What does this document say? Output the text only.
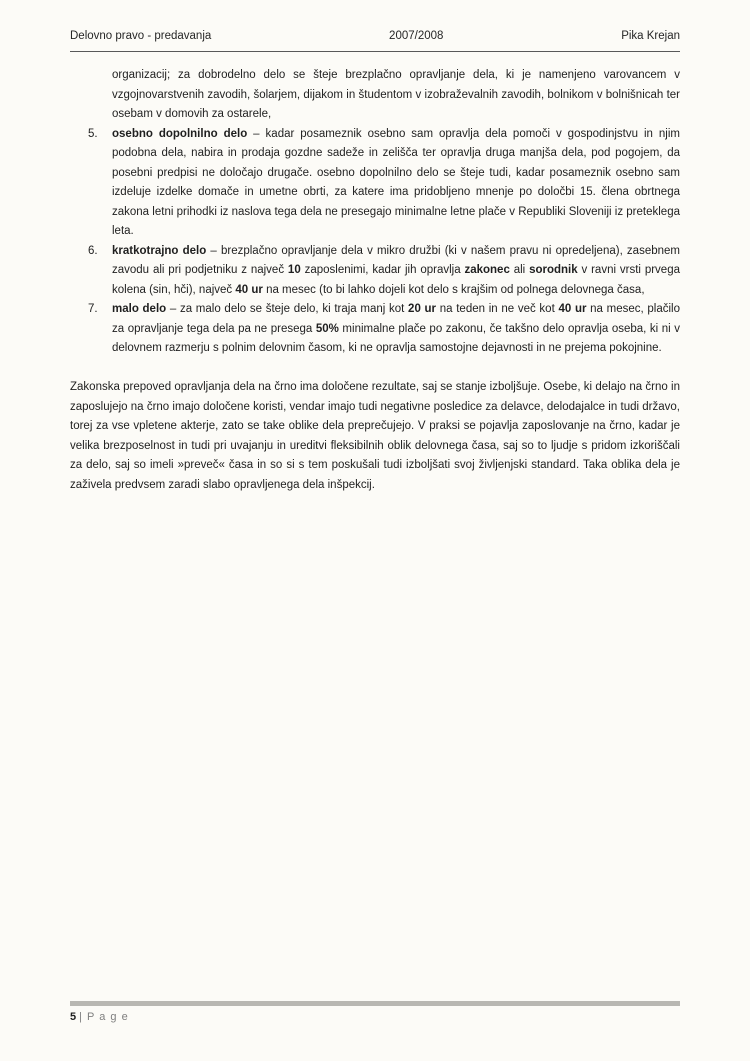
Delovno pravo - predavanja	2007/2008	Pika Krejan

organizacij; za dobrodelno delo se šteje brezplačno opravljanje dela, ki je namenjeno varovancem v vzgojnovarstvenih zavodih, šolarjem, dijakom in študentom v izobraževalnih zavodih, bolnikom v bolnišnicah ter osebam v domovih za ostarele,

5.	osebno dopolnilno delo – kadar posameznik osebno sam opravlja dela pomoči v gospodinjstvu in njim podobna dela, nabira in prodaja gozdne sadeže in zelišča ter opravlja druga manjša dela, pod pogojem, da posebni predpisi ne določajo drugače. osebno dopolnilno delo se šteje tudi, kadar posameznik osebno sam izdeluje izdelke domače in umetne obrti, za katere ima pridobljeno mnenje po določbi 15. člena obrtnega zakona letni prihodki iz naslova tega dela ne presegajo minimalne letne plače v Republiki Sloveniji iz preteklega leta.
6.	kratkotrajno delo – brezplačno opravljanje dela v mikro družbi (ki v našem pravu ni opredeljena), zasebnem zavodu ali pri podjetniku z največ 10 zaposlenimi, kadar jih opravlja zakonec ali sorodnik v ravni vrsti prvega kolena (sin, hči), največ 40 ur na mesec (to bi lahko dojeli kot delo s krajšim od polnega delovnega časa,
7.	malo delo – za malo delo se šteje delo, ki traja manj kot 20 ur na teden in ne več kot 40 ur na mesec, plačilo za opravljanje tega dela pa ne presega 50% minimalne plače po zakonu, če takšno delo opravlja oseba, ki ni v delovnem razmerju s polnim delovnim časom, ki ne opravlja samostojne dejavnosti in ne prejema pokojnine.

Zakonska prepoved opravljanja dela na črno ima določene rezultate, saj se stanje izboljšuje. Osebe, ki delajo na črno in zaposlujejo na črno imajo določene koristi, vendar imajo tudi negativne posledice za delavce, delodajalce in tudi državo, torej za vse vpletene akterje, zato se take oblike dela preprečujejo. V praksi se pojavlja zaposlovanje na črno, kadar je velika brezposelnost in tudi pri uvajanju in ureditvi fleksibilnih oblik delovnega časa, saj so to ljudje s pridom izkoriščali za delo, saj so imeli »preveč« časa in so si s tem poskušali tudi izboljšati svoj življenjski standard. Taka oblika dela je zaživela predvsem zaradi slabo opravljenega dela inšpekcij.

5 | P a g e
